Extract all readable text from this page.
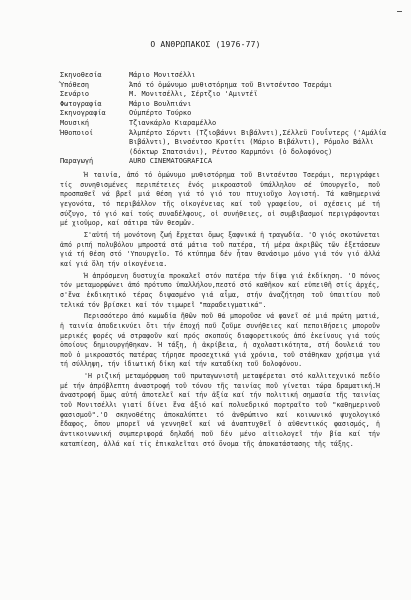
Ο ΑΝΘΡΩΠΑΚΟΣ (1976-77)
Σκηνοθεσία	Μάριο Μονιτσέλλι
Ύπόθεση	Άπό τό ὁμώνυμο μυθιστόρημα τοῦ Βιντσέντσο Τσεράμι
Σενάριο	Μ. Μονιτσέλλι, Σέρτζιο 'Αμιντέϊ
Φωτογραφία	Μάριο Βουλπιάνι
Σκηνογραφία	Ούμπέρτο Τούρκο
Μουσική	Τζιανκάρλο Κιαραμέλλο
Ήθοποιοί	Άλμπέρτο Σόρντι (Τζιοβάννι Βιβάλντι),Σέλλεϋ Γουΐντερς ('Αμάλία Βιβάλντι), Βινσέντσο Κροτίτι (Μάριο Βιβάλντι), Ρόμολο Βάλλι (δόκτωρ Σπατσιάνι), Ρέντσο Καρμπόνι (ὁ δολοφόνος)
Παραγωγή	AURO CINEMATOGRAFICA

Ή ταινία, ἀπό τό ὁμώνυμο μυθιστόρημα τοῦ Βιντσέντσο Τσεράμι, περιγράφει τίς συνηθισμένες περιπέτειες ἐνός μικροαστοῦ ὑπάλληλου σέ ὑπουργεῖο, ποῦ προσπαθεῖ νά βρεῖ μιά θέση γιά τό γιό του πτυχιοῦχο λογιστή. Τά καθημερινά γεγονότα, τό περιβάλλον τῆς οἰκογένειας καί τοῦ γραφείου, οἱ σχέσεις μέ τή σύζυγο, τό γιό καί τούς συναδέλφους, οἱ συνήθειες, οἱ συμβιβασμοί περιγράφονται μέ χιοῦμορ, καί σάτιρα τῶν θεσμῶν.

Σ'αὐτή τή μονότονη ζωή ἔρχεται ὅμως ξαφνικά ἡ τραγωδία. 'Ο γιός σκοτώνεται ἀπό ριπή πολυβόλου μπροστά στά μάτια τοῦ πατέρα, τή μέρα ἀκριβῶς τῶν ἐξετάσεων γιά τή θέση στό 'Υπουργεῖο. Τό κτύπημα δέν ἦταν θανάσιμο μόνο γιά τόν γιό ἀλλά καί γιά ὅλη τήν οἰκογένεια.

Ή ἀπρόσμενη δυστυχία προκαλεῖ στόν πατέρα τήν δίψα γιά ἐκδίκηση. 'Ο πόνος τόν μεταμορφώνει ἀπό πρότυπο ὑπαλλήλου,πεστό στό καθῆκον καί εὐπειθῆ στίς ἀρχές, σ'ἕνα ἐκδικητικό τέρας διψασμένο γιά αἷμα, στήν ἀναζήτηση τοῦ ὑπαιτίου ποῦ τελικά τόν βρίσκει καί τόν τιμωρεῖ "παραδειγματικά".

Περισσότερο ἀπό κωμωδία ἤθῶν ποῦ θά μποροῦσε νά φανεῖ σέ μιά πρώτη ματιά, ἡ ταινία ἀποδεικνύει ὅτι τήν ἐποχή ποῦ ζοῦμε συνήθειες καί πεποιθήσεις μποροῦν μερικές φορές νά στραφοῦν καί πρός σκοπούς διαφορετικούς ἀπό ἐκείνους γιά τούς ὁποίους δημιουργήθηκαν. Ή τάξη, ἡ ἀκρίβεια, ἡ σχολαστικότητα, στή δουλειά του ποῦ ὁ μικροαστός πατέρας τήρησε προσεχτικά γιά χρόνια, τοῦ στάθηκαν χρήσιμα γιά τή σύλληψη, τήν ἰδιωτική δίκη καί τήν καταδίκη τοῦ δολοφόνου.

'Η ριζική μεταμόρφωση τοῦ πρωταγωνιστῆ μεταφέρεται στό καλλιτεχνικό πεδίο μέ τήν ἀπρόβλεπτη ἀναστροφή τοῦ τόνου τῆς ταινίας ποῦ γίνεται τώρα δραματική.Ή ἀναστροφή ὅμως αὐτή ἀποτελεῖ καί τήν ἀξία καί τήν πολιτική σημασία τῆς ταινίας τοῦ Μονιτσέλλι γιατί δίνει ἕνα ἀξιό καί πολυεδρικό πορτραῖτο τοῦ "καθημερινοῦ φασισμοῦ".'Ο σκηνοθέτης ἀποκαλύπτει τό ἀνθρώπινο καί κοινωνικό ψυχολογικό ἔδαφος, ὅπου μπορεῖ νά γεννηθεῖ καί νά ἀναπτυχθεῖ ὁ αὐθεντικός φασισμός, ἡ ἀντικοινωνική συμπεριφορά δηλαδή ποῦ δέν μένο αἰτιολογεῖ τήν βία καί τήν καταπίεση, ἀλλά καί τίς ἐπικαλεῖται στό ὄνομα τῆς ἀποκατάστασης τῆς τάξης.
